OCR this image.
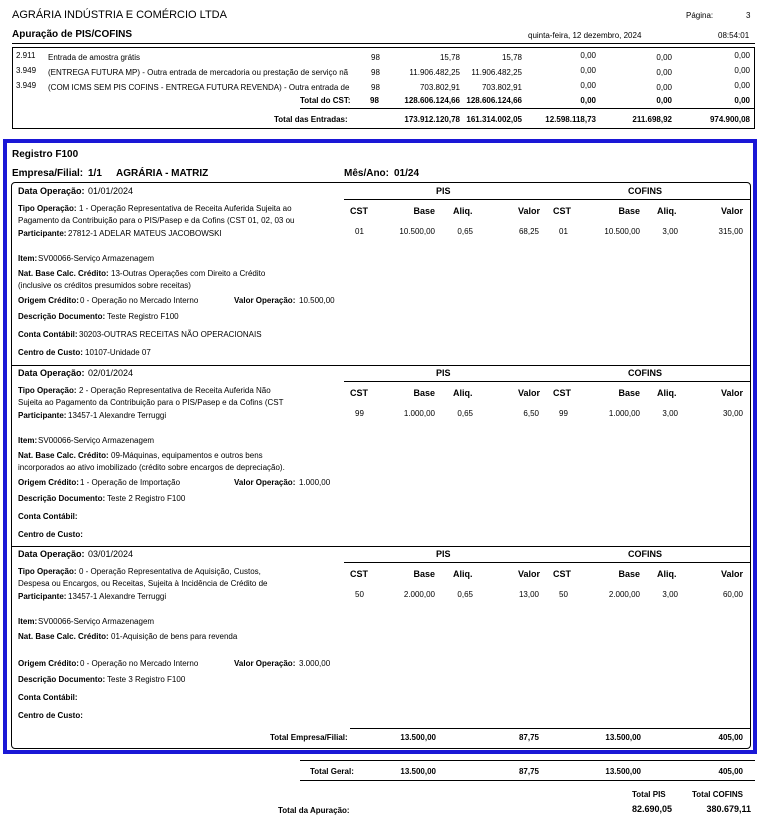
AGRÁRIA INDÚSTRIA E COMÉRCIO LTDA	Página:	3
Apuração de PIS/COFINS	quinta-feira, 12 dezembro, 2024	08:54:01
2.911 Entrada de amostra grátis	98	15,78	15,78	0,00	0,00	0,00
3.949 (ENTREGA FUTURA MP) - Outra entrada de mercadoria ou prestação de serviço nã	98	11.906.482,25	11.906.482,25	0,00	0,00	0,00
3.949 (COM ICMS SEM PIS COFINS - ENTREGA FUTURA REVENDA) - Outra entrada de	98	703.802,91	703.802,91	0,00	0,00	0,00
Total do CST: 98	128.606.124,66 128.606.124,66	0,00	0,00	0,00
Total das Entradas:	173.912.120,78 161.314.002,05	12.598.118,73	211.698,92	974.900,08
Registro F100
Empresa/Filial: 1/1 AGRÁRIA - MATRIZ	Mês/Ano: 01/24
Data Operação: 01/01/2024	PIS	COFINS
CST	Base Aliq.	Valor CST	Base Aliq.	Valor
01	10.500,00	0,65	68,25	01	10.500,00	3,00	315,00
Tipo Operação: 1 - Operação Representativa de Receita Auferida Sujeita ao
Pagamento da Contribuição para o PIS/Pasep e da Cofins (CST 01, 02, 03 ou
Participante: 27812-1 ADELAR MATEUS JACOBOWSKI
Item: SV00066-Serviço Armazenagem
Nat. Base Calc. Crédito: 13-Outras Operações com Direito a Crédito
(inclusive os créditos presumidos sobre receitas)
Origem Crédito: 0 - Operação no Mercado Interno	Valor Operação: 10.500,00
Descrição Documento: Teste Registro F100
Conta Contábil: 30203-OUTRAS RECEITAS NÃO OPERACIONAIS
Centro de Custo: 10107-Unidade 07
Data Operação: 02/01/2024	PIS	COFINS
CST	Base Aliq.	Valor CST	Base Aliq.	Valor
99	1.000,00	0,65	6,50	99	1.000,00	3,00	30,00
Tipo Operação: 2 - Operação Representativa de Receita Auferida Não
Sujeita ao Pagamento da Contribuição para o PIS/Pasep e da Cofins (CST
Participante: 13457-1 Alexandre Terruggi
Item: SV00066-Serviço Armazenagem
Nat. Base Calc. Crédito: 09-Máquinas, equipamentos e outros bens
incorporados ao ativo imobilizado (crédito sobre encargos de depreciação).
Origem Crédito: 1 - Operação de Importação	Valor Operação: 1.000,00
Descrição Documento: Teste 2 Registro F100
Conta Contábil:
Centro de Custo:
Data Operação: 03/01/2024	PIS	COFINS
CST	Base Aliq.	Valor CST	Base Aliq.	Valor
50	2.000,00	0,65	13,00	50	2.000,00	3,00	60,00
Tipo Operação: 0 - Operação Representativa de Aquisição, Custos,
Despesa ou Encargos, ou Receitas, Sujeita à Incidência de Crédito de
Participante: 13457-1 Alexandre Terruggi
Item: SV00066-Serviço Armazenagem
Nat. Base Calc. Crédito: 01-Aquisição de bens para revenda
Origem Crédito: 0 - Operação no Mercado Interno	Valor Operação: 3.000,00
Descrição Documento: Teste 3 Registro F100
Conta Contábil:
Centro de Custo:
Total Empresa/Filial:	13.500,00	87,75	13.500,00	405,00
Total Geral:	13.500,00	87,75	13.500,00	405,00
Total PIS	Total COFINS
Total da Apuração:	82.690,05	380.679,11
